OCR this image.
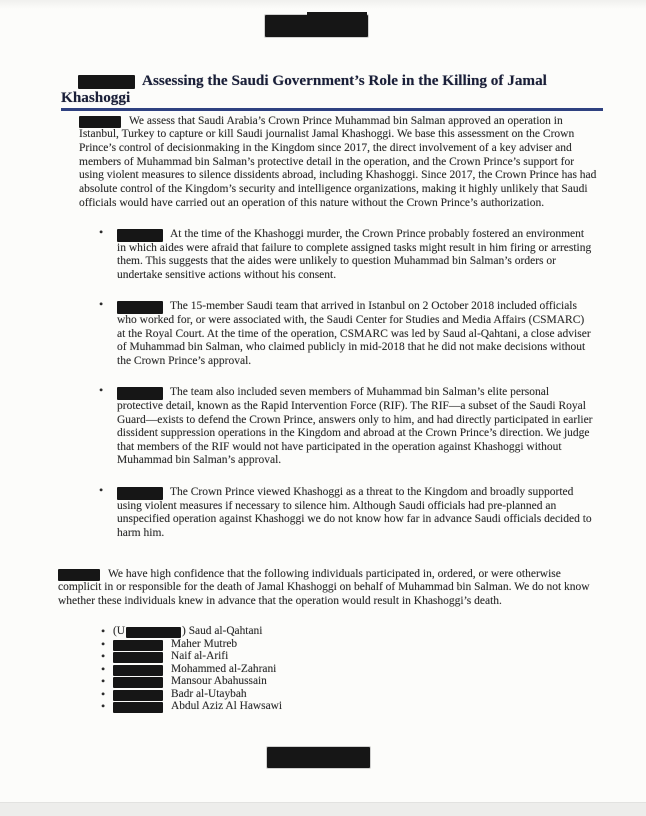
Assessing the Saudi Government’s Role in the Killing of Jamal
Khashoggi

We assess that Saudi Arabia’s Crown Prince Muhammad bin Salman approved an operation in Istanbul, Turkey to capture or kill Saudi journalist Jamal Khashoggi. We base this assessment on the Crown Prince’s control of decisionmaking in the Kingdom since 2017, the direct involvement of a key adviser and members of Muhammad bin Salman’s protective detail in the operation, and the Crown Prince’s support for using violent measures to silence dissidents abroad, including Khashoggi. Since 2017, the Crown Prince has had absolute control of the Kingdom’s security and intelligence organizations, making it highly unlikely that Saudi officials would have carried out an operation of this nature without the Crown Prince’s authorization.

•	At the time of the Khashoggi murder, the Crown Prince probably fostered an environment in which aides were afraid that failure to complete assigned tasks might result in him firing or arresting them. This suggests that the aides were unlikely to question Muhammad bin Salman’s orders or undertake sensitive actions without his consent.
•	The 15-member Saudi team that arrived in Istanbul on 2 October 2018 included officials who worked for, or were associated with, the Saudi Center for Studies and Media Affairs (CSMARC) at the Royal Court. At the time of the operation, CSMARC was led by Saud al-Qahtani, a close adviser of Muhammad bin Salman, who claimed publicly in mid-2018 that he did not make decisions without the Crown Prince’s approval.
•	The team also included seven members of Muhammad bin Salman’s elite personal protective detail, known as the Rapid Intervention Force (RIF). The RIF—a subset of the Saudi Royal Guard—exists to defend the Crown Prince, answers only to him, and had directly participated in earlier dissident suppression operations in the Kingdom and abroad at the Crown Prince’s direction. We judge that members of the RIF would not have participated in the operation against Khashoggi without Muhammad bin Salman’s approval.
•	The Crown Prince viewed Khashoggi as a threat to the Kingdom and broadly supported using violent measures if necessary to silence him. Although Saudi officials had pre-planned an unspecified operation against Khashoggi we do not know how far in advance Saudi officials decided to harm him.

We have high confidence that the following individuals participated in, ordered, or were otherwise complicit in or responsible for the death of Jamal Khashoggi on behalf of Muhammad bin Salman. We do not know whether these individuals knew in advance that the operation would result in Khashoggi’s death.

• (U	) Saud al-Qahtani
•	Maher Mutreb
•	Naif al-Arifi
•	Mohammed al-Zahrani
•	Mansour Abahussain
•	Badr al-Utaybah
•	Abdul Aziz Al Hawsawi
